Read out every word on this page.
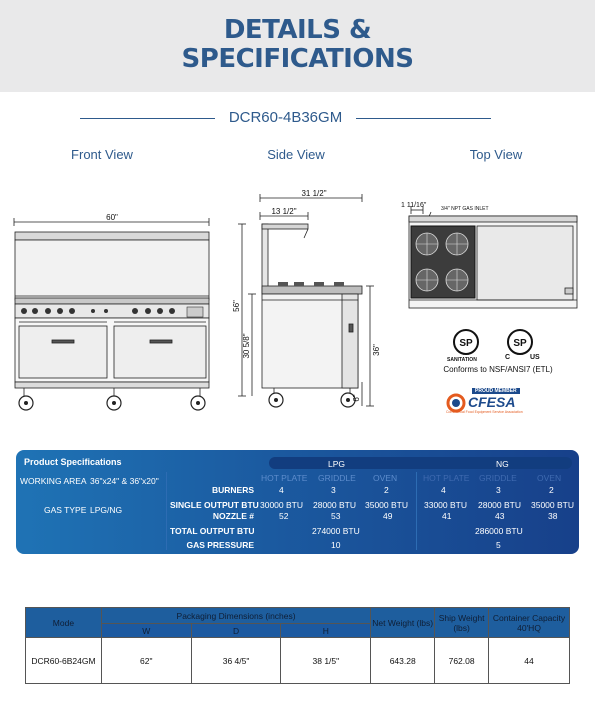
DETAILS &
SPECIFICATIONS
DCR60-4B36GM
Front View	Side View	Top View
60"
31 1/2"
13 1/2"
56"
30 5/8"	36"
6"
1 11/16"	3/4" NPT GAS INLET
SP
SANITATION
SP
C	US
Conforms to NSF/ANSI7 (ETL)
PROUD MEMBER
CFESA
Commercial Food Equipment Service Association
Product Specifications	LPG	NG
WORKING AREA 36"x24" & 36"x20"
GAS TYPE LPG/NG
HOT PLATE GRIDDLE OVEN	HOT PLATE GRIDDLE OVEN
BURNERS
SINGLE OUTPUT BTU
NOZZLE #
TOTAL OUTPUT BTU
GAS PRESSURE
4	3	2
30000 BTU 28000 BTU 35000 BTU
52	53	49
274000 BTU
10
4	3	2
33000 BTU 28000 BTU 35000 BTU
41	43	38
286000 BTU
5
Mode	Packaging Dimensions (inches)			Net Weight (lbs)	Ship Weight (lbs)	Container Capacity 40'HQ
	W	D	H			
DCR60-6B24GM	62"	36 4/5"	38 1/5"	643.28	762.08	44
